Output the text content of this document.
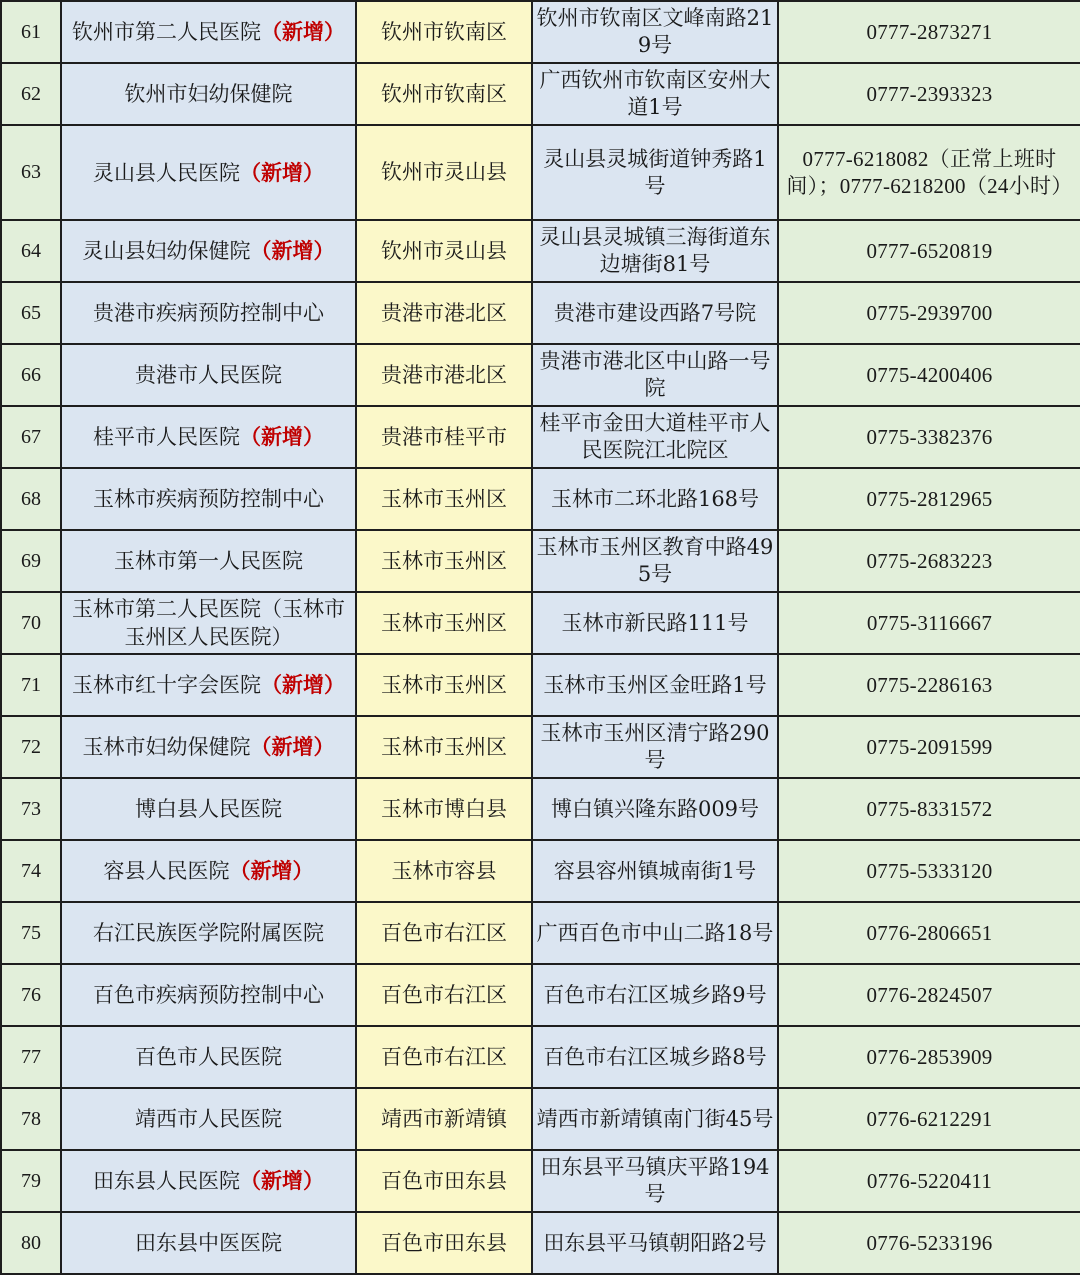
61	钦州市第二人民医院（新增）	钦州市钦南区	钦州市钦南区文峰南路219号	0777-2873271
62	钦州市妇幼保健院	钦州市钦南区	广西钦州市钦南区安州大道1号	0777-2393323
63	灵山县人民医院（新增）	钦州市灵山县	灵山县灵城街道钟秀路1号	0777-6218082（正常上班时间）；0777-6218200（24小时）
64	灵山县妇幼保健院（新增）	钦州市灵山县	灵山县灵城镇三海街道东边塘街81号	0777-6520819
65	贵港市疾病预防控制中心	贵港市港北区	贵港市建设西路7号院	0775-2939700
66	贵港市人民医院	贵港市港北区	贵港市港北区中山路一号院	0775-4200406
67	桂平市人民医院（新增）	贵港市桂平市	桂平市金田大道桂平市人民医院江北院区	0775-3382376
68	玉林市疾病预防控制中心	玉林市玉州区	玉林市二环北路168号	0775-2812965
69	玉林市第一人民医院	玉林市玉州区	玉林市玉州区教育中路495号	0775-2683223
70	玉林市第二人民医院（玉林市玉州区人民医院）	玉林市玉州区	玉林市新民路111号	0775-3116667
71	玉林市红十字会医院（新增）	玉林市玉州区	玉林市玉州区金旺路1号	0775-2286163
72	玉林市妇幼保健院（新增）	玉林市玉州区	玉林市玉州区清宁路290号	0775-2091599
73	博白县人民医院	玉林市博白县	博白镇兴隆东路009号	0775-8331572
74	容县人民医院（新增）	玉林市容县	容县容州镇城南街1号	0775-5333120
75	右江民族医学院附属医院	百色市右江区	广西百色市中山二路18号	0776-2806651
76	百色市疾病预防控制中心	百色市右江区	百色市右江区城乡路9号	0776-2824507
77	百色市人民医院	百色市右江区	百色市右江区城乡路8号	0776-2853909
78	靖西市人民医院	靖西市新靖镇	靖西市新靖镇南门街45号	0776-6212291
79	田东县人民医院（新增）	百色市田东县	田东县平马镇庆平路194号	0776-5220411
80	田东县中医医院	百色市田东县	田东县平马镇朝阳路2号	0776-5233196
